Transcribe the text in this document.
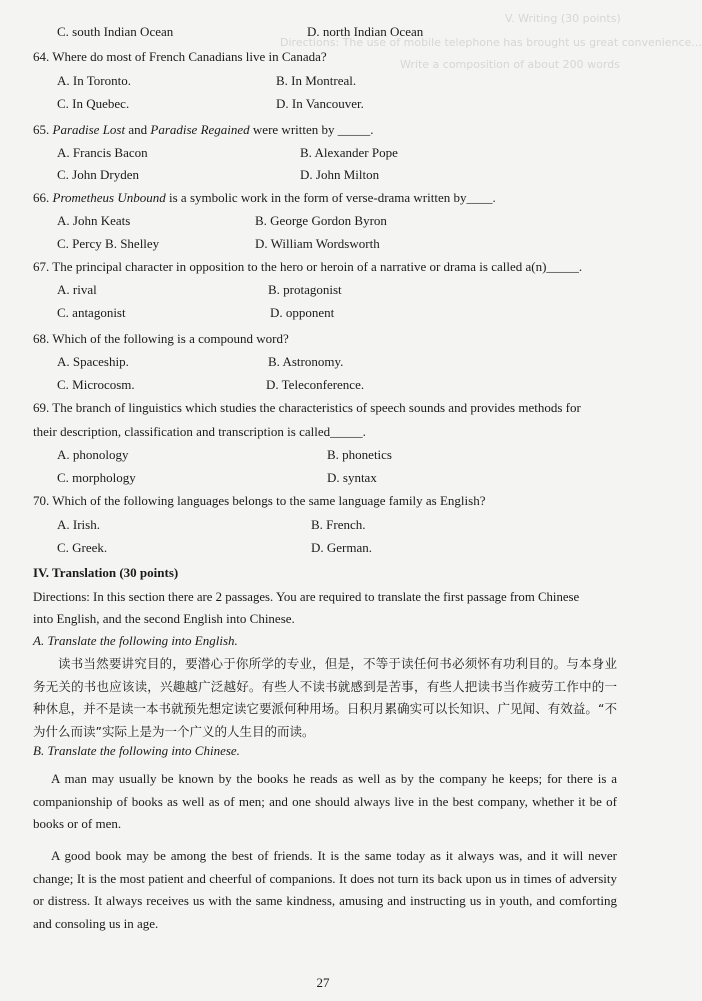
V. Writing (30 points)
Directions: The use of mobile telephone has brought us great convenience...
Write a composition of about 200 words
C. south Indian Ocean	D. north Indian Ocean
64. Where do most of French Canadians live in Canada?
A. In Toronto.	B. In Montreal.
C. In Quebec.	D. In Vancouver.
65. Paradise Lost and Paradise Regained were written by _____.
A. Francis Bacon	B. Alexander Pope
C. John Dryden	D. John Milton
66. Prometheus Unbound is a symbolic work in the form of verse-drama written by____.
A. John Keats	B. George Gordon Byron
C. Percy B. Shelley	D. William Wordsworth
67. The principal character in opposition to the hero or heroin of a narrative or drama is called a(n)_____.
A. rival	B. protagonist
C. antagonist	D. opponent
68. Which of the following is a compound word?
A. Spaceship.	B. Astronomy.
C. Microcosm.	D. Teleconference.
69. The branch of linguistics which studies the characteristics of speech sounds and provides methods for
their description, classification and transcription is called_____.
A. phonology	B. phonetics
C. morphology	D. syntax
70. Which of the following languages belongs to the same language family as English?
A. Irish.	B. French.
C. Greek.	D. German.
IV. Translation (30 points)
Directions: In this section there are 2 passages. You are required to translate the first passage from Chinese
into English, and the second English into Chinese.
A. Translate the following into English.
读书当然要讲究目的，要潜心于你所学的专业，但是，不等于读任何书必须怀有功利目的。与本身业务无关的书也应该读，兴趣越广泛越好。有些人不读书就感到是苦事，有些人把读书当作疲劳工作中的一种休息，并不是读一本书就预先想定读它要派何种用场。日积月累确实可以长知识、广见闻、有效益。“不为什么而读”实际上是为一个广义的人生目的而读。
B. Translate the following into Chinese.
A man may usually be known by the books he reads as well as by the company he keeps; for there is a companionship of books as well as of men; and one should always live in the best company, whether it be of books or of men.
A good book may be among the best of friends. It is the same today as it always was, and it will never change; It is the most patient and cheerful of companions. It does not turn its back upon us in times of adversity or distress. It always receives us with the same kindness, amusing and instructing us in youth, and comforting and consoling us in age.
27
